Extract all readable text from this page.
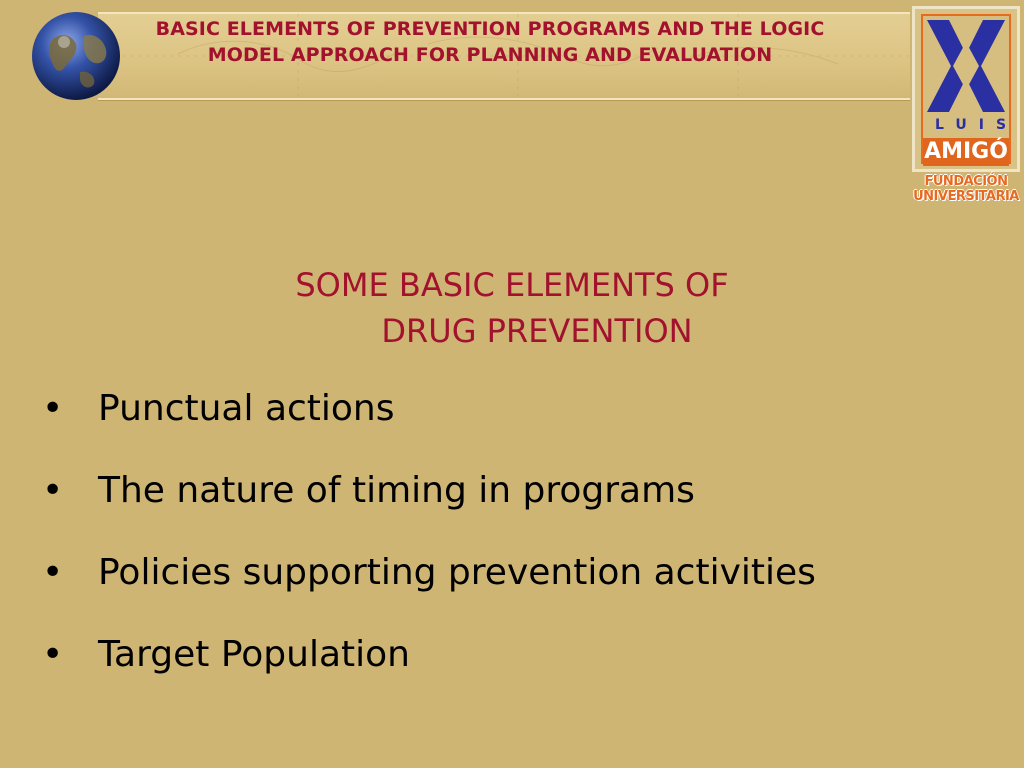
BASIC ELEMENTS OF PREVENTION PROGRAMS AND THE LOGIC
MODEL APPROACH FOR PLANNING AND EVALUATION
LUIS
AMIGÓ
FUNDACIÓN
UNIVERSITARIA
SOME BASIC ELEMENTS OF
DRUG PREVENTION
• Punctual actions
• The nature of timing in programs
• Policies supporting prevention activities
• Target Population
